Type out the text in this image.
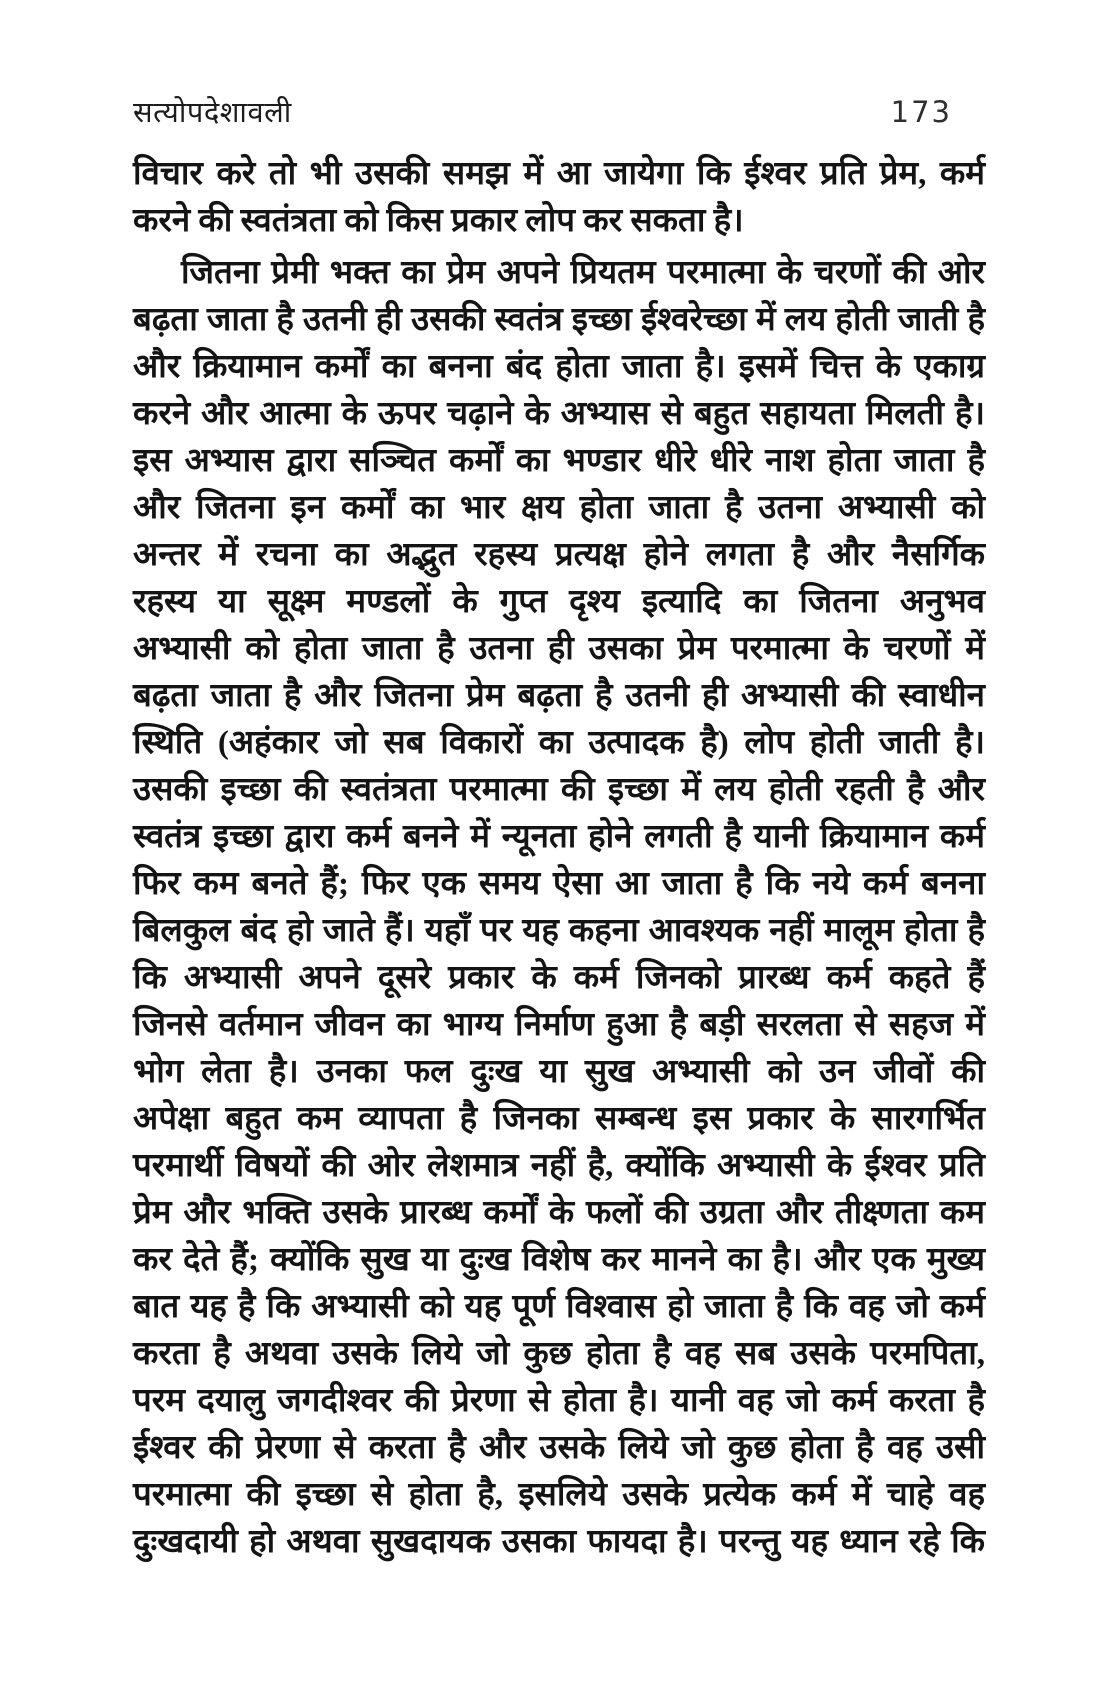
सत्योपदेशावली	173
विचार करे तो भी उसकी समझ में आ जायेगा कि ईश्वर प्रति प्रेम, कर्म
करने की स्वतंत्रता को किस प्रकार लोप कर सकता है।
जितना प्रेमी भक्त का प्रेम अपने प्रियतम परमात्मा के चरणों की ओर
बढ़ता जाता है उतनी ही उसकी स्वतंत्र इच्छा ईश्वरेच्छा में लय होती जाती है
और क्रियामान कर्मों का बनना बंद होता जाता है। इसमें चित्त के एकाग्र
करने और आत्मा के ऊपर चढ़ाने के अभ्यास से बहुत सहायता मिलती है।
इस अभ्यास द्वारा सञ्चित कर्मों का भण्डार धीरे धीरे नाश होता जाता है
और जितना इन कर्मों का भार क्षय होता जाता है उतना अभ्यासी को
अन्तर में रचना का अद्भुत रहस्य प्रत्यक्ष होने लगता है और नैसर्गिक
रहस्य या सूक्ष्म मण्डलों के गुप्त दृश्य इत्यादि का जितना अनुभव
अभ्यासी को होता जाता है उतना ही उसका प्रेम परमात्मा के चरणों में
बढ़ता जाता है और जितना प्रेम बढ़ता है उतनी ही अभ्यासी की स्वाधीन
स्थिति (अहंकार जो सब विकारों का उत्पादक है) लोप होती जाती है।
उसकी इच्छा की स्वतंत्रता परमात्मा की इच्छा में लय होती रहती है और
स्वतंत्र इच्छा द्वारा कर्म बनने में न्यूनता होने लगती है यानी क्रियामान कर्म
फिर कम बनते हैं; फिर एक समय ऐसा आ जाता है कि नये कर्म बनना
बिलकुल बंद हो जाते हैं। यहाँ पर यह कहना आवश्यक नहीं मालूम होता है
कि अभ्यासी अपने दूसरे प्रकार के कर्म जिनको प्रारब्ध कर्म कहते हैं
जिनसे वर्तमान जीवन का भाग्य निर्माण हुआ है बड़ी सरलता से सहज में
भोग लेता है। उनका फल दुःख या सुख अभ्यासी को उन जीवों की
अपेक्षा बहुत कम व्यापता है जिनका सम्बन्ध इस प्रकार के सारगर्भित
परमार्थी विषयों की ओर लेशमात्र नहीं है, क्योंकि अभ्यासी के ईश्वर प्रति
प्रेम और भक्ति उसके प्रारब्ध कर्मों के फलों की उग्रता और तीक्ष्णता कम
कर देते हैं; क्योंकि सुख या दुःख विशेष कर मानने का है। और एक मुख्य
बात यह है कि अभ्यासी को यह पूर्ण विश्वास हो जाता है कि वह जो कर्म
करता है अथवा उसके लिये जो कुछ होता है वह सब उसके परमपिता,
परम दयालु जगदीश्वर की प्रेरणा से होता है। यानी वह जो कर्म करता है
ईश्वर की प्रेरणा से करता है और उसके लिये जो कुछ होता है वह उसी
परमात्मा की इच्छा से होता है, इसलिये उसके प्रत्येक कर्म में चाहे वह
दुःखदायी हो अथवा सुखदायक उसका फायदा है। परन्तु यह ध्यान रहे कि
